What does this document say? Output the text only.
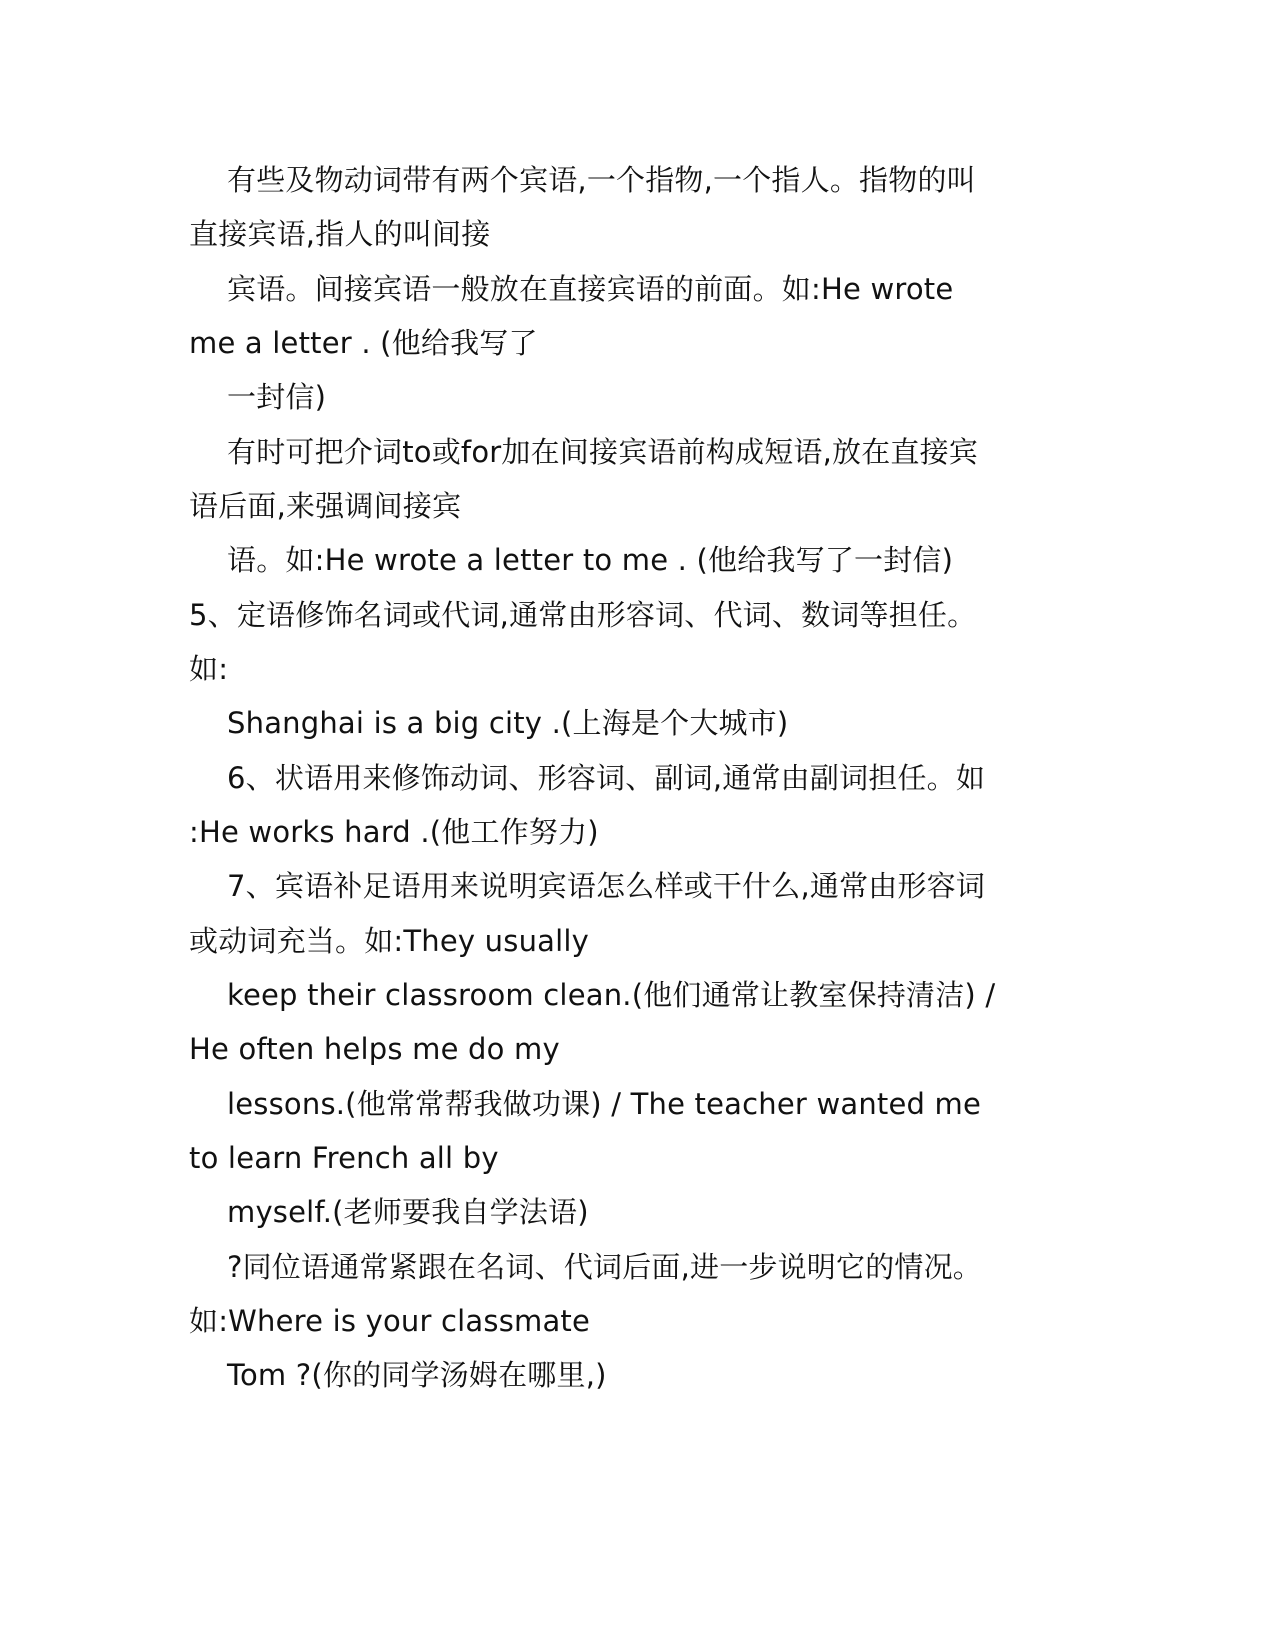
有些及物动词带有两个宾语,一个指物,一个指人。指物的叫
直接宾语,指人的叫间接
宾语。间接宾语一般放在直接宾语的前面。如:He wrote
me a letter . (他给我写了
一封信)
有时可把介词to或for加在间接宾语前构成短语,放在直接宾
语后面,来强调间接宾
语。如:He wrote a letter to me . (他给我写了一封信)
5、定语修饰名词或代词,通常由形容词、代词、数词等担任。
如:
Shanghai is a big city .(上海是个大城市)
6、状语用来修饰动词、形容词、副词,通常由副词担任。如
:He works hard .(他工作努力)
7、宾语补足语用来说明宾语怎么样或干什么,通常由形容词
或动词充当。如:They usually
keep their classroom clean.(他们通常让教室保持清洁) /
He often helps me do my
lessons.(他常常帮我做功课) / The teacher wanted me
to learn French all by
myself.(老师要我自学法语)
?同位语通常紧跟在名词、代词后面,进一步说明它的情况。
如:Where is your classmate
Tom ?(你的同学汤姆在哪里,)
